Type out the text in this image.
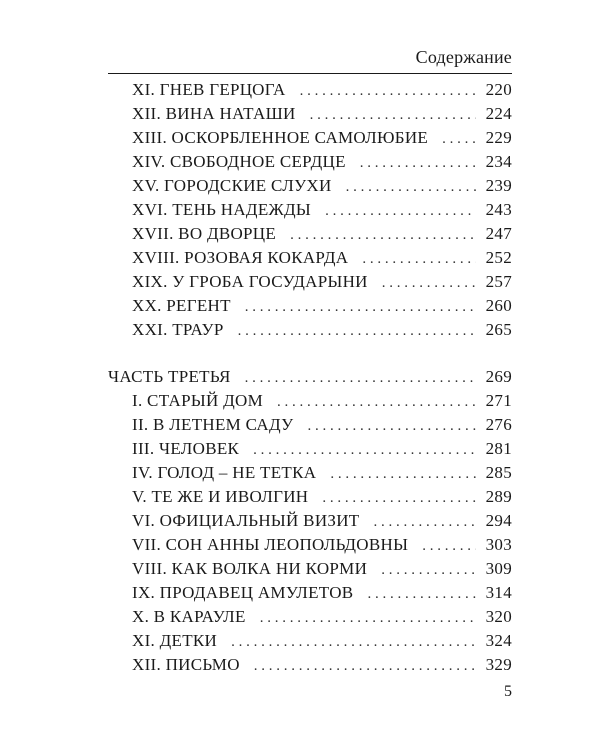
Содержание
XI. ГНЕВ ГЕРЦОГА . . .	220
XII. ВИНА НАТАШИ . . .	224
XIII. ОСКОРБЛЕННОЕ САМОЛЮБИЕ . . .	229
XIV. СВОБОДНОЕ СЕРДЦЕ . . .	234
XV. ГОРОДСКИЕ СЛУХИ . . .	239
XVI. ТЕНЬ НАДЕЖДЫ . . .	243
XVII. ВО ДВОРЦЕ . . .	247
XVIII. РОЗОВАЯ КОКАРДА . . .	252
XIX. У ГРОБА ГОСУДАРЫНИ . . .	257
XX. РЕГЕНТ . . .	260
XXI. ТРАУР . . .	265
ЧАСТЬ ТРЕТЬЯ . . .	269
I. СТАРЫЙ ДОМ . . .	271
II. В ЛЕТНЕМ САДУ . . .	276
III. ЧЕЛОВЕК . . .	281
IV. ГОЛОД – НЕ ТЕТКА . . .	285
V. ТЕ ЖЕ И ИВОЛГИН . . .	289
VI. ОФИЦИАЛЬНЫЙ ВИЗИТ . . .	294
VII. СОН АННЫ ЛЕОПОЛЬДОВНЫ . . .	303
VIII. КАК ВОЛКА НИ КОРМИ . . .	309
IX. ПРОДАВЕЦ АМУЛЕТОВ . . .	314
X. В КАРАУЛЕ . . .	320
XI. ДЕТКИ . . .	324
XII. ПИСЬМО . . .	329
5
